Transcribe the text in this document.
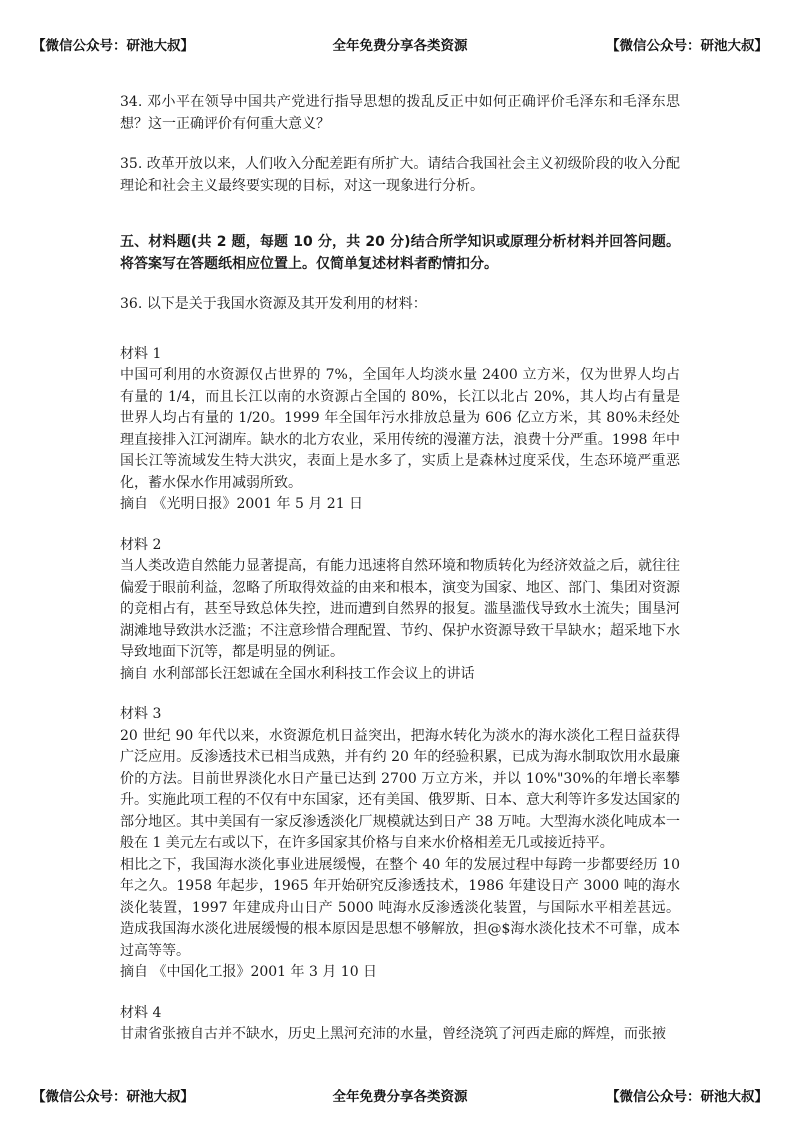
【微信公众号：研池大叔】	全年免费分享各类资源	【微信公众号：研池大叔】

34. 邓小平在领导中国共产党进行指导思想的拨乱反正中如何正确评价毛泽东和毛泽东思想？这一正确评价有何重大意义？

35. 改革开放以来，人们收入分配差距有所扩大。请结合我国社会主义初级阶段的收入分配理论和社会主义最终要实现的目标，对这一现象进行分析。

五、材料题(共 2 题，每题 10 分，共 20 分)结合所学知识或原理分析材料并回答问题。将答案写在答题纸相应位置上。仅简单复述材料者酌情扣分。

36. 以下是关于我国水资源及其开发利用的材料：

材料 1

中国可利用的水资源仅占世界的 7%，全国年人均淡水量 2400 立方米，仅为世界人均占有量的 1/4，而且长江以南的水资源占全国的 80%，长江以北占 20%，其人均占有量是世界人均占有量的 1/20。1999 年全国年污水排放总量为 606 亿立方米，其 80%未经处理直接排入江河湖库。缺水的北方农业，采用传统的漫灌方法，浪费十分严重。1998 年中国长江等流域发生特大洪灾，表面上是水多了，实质上是森林过度采伐，生态环境严重恶化，蓄水保水作用减弱所致。

摘自 《光明日报》2001 年 5 月 21 日

材料 2

当人类改造自然能力显著提高，有能力迅速将自然环境和物质转化为经济效益之后，就往往偏爱于眼前利益，忽略了所取得效益的由来和根本，演变为国家、地区、部门、集团对资源的竞相占有，甚至导致总体失控，进而遭到自然界的报复。滥垦滥伐导致水土流失；围垦河湖滩地导致洪水泛滥；不注意珍惜合理配置、节约、保护水资源导致干旱缺水；超采地下水导致地面下沉等，都是明显的例证。

摘自 水利部部长汪恕诚在全国水利科技工作会议上的讲话

材料 3

20 世纪 90 年代以来，水资源危机日益突出，把海水转化为淡水的海水淡化工程日益获得广泛应用。反渗透技术已相当成熟，并有约 20 年的经验积累，已成为海水制取饮用水最廉价的方法。目前世界淡化水日产量已达到 2700 万立方米，并以 10%"30%的年增长率攀升。实施此项工程的不仅有中东国家，还有美国、俄罗斯、日本、意大利等许多发达国家的部分地区。其中美国有一家反渗透淡化厂规模就达到日产 38 万吨。大型海水淡化吨成本一般在 1 美元左右或以下，在许多国家其价格与自来水价格相差无几或接近持平。

相比之下，我国海水淡化事业进展缓慢，在整个 40 年的发展过程中每跨一步都要经历 10 年之久。1958 年起步，1965 年开始研究反渗透技术，1986 年建设日产 3000 吨的海水淡化装置，1997 年建成舟山日产 5000 吨海水反渗透淡化装置，与国际水平相差甚远。造成我国海水淡化进展缓慢的根本原因是思想不够解放，担@$海水淡化技术不可靠，成本过高等等。

摘自 《中国化工报》2001 年 3 月 10 日

材料 4

甘肃省张掖自古并不缺水，历史上黑河充沛的水量，曾经浇筑了河西走廊的辉煌，而张掖

【微信公众号：研池大叔】	全年免费分享各类资源	【微信公众号：研池大叔】
